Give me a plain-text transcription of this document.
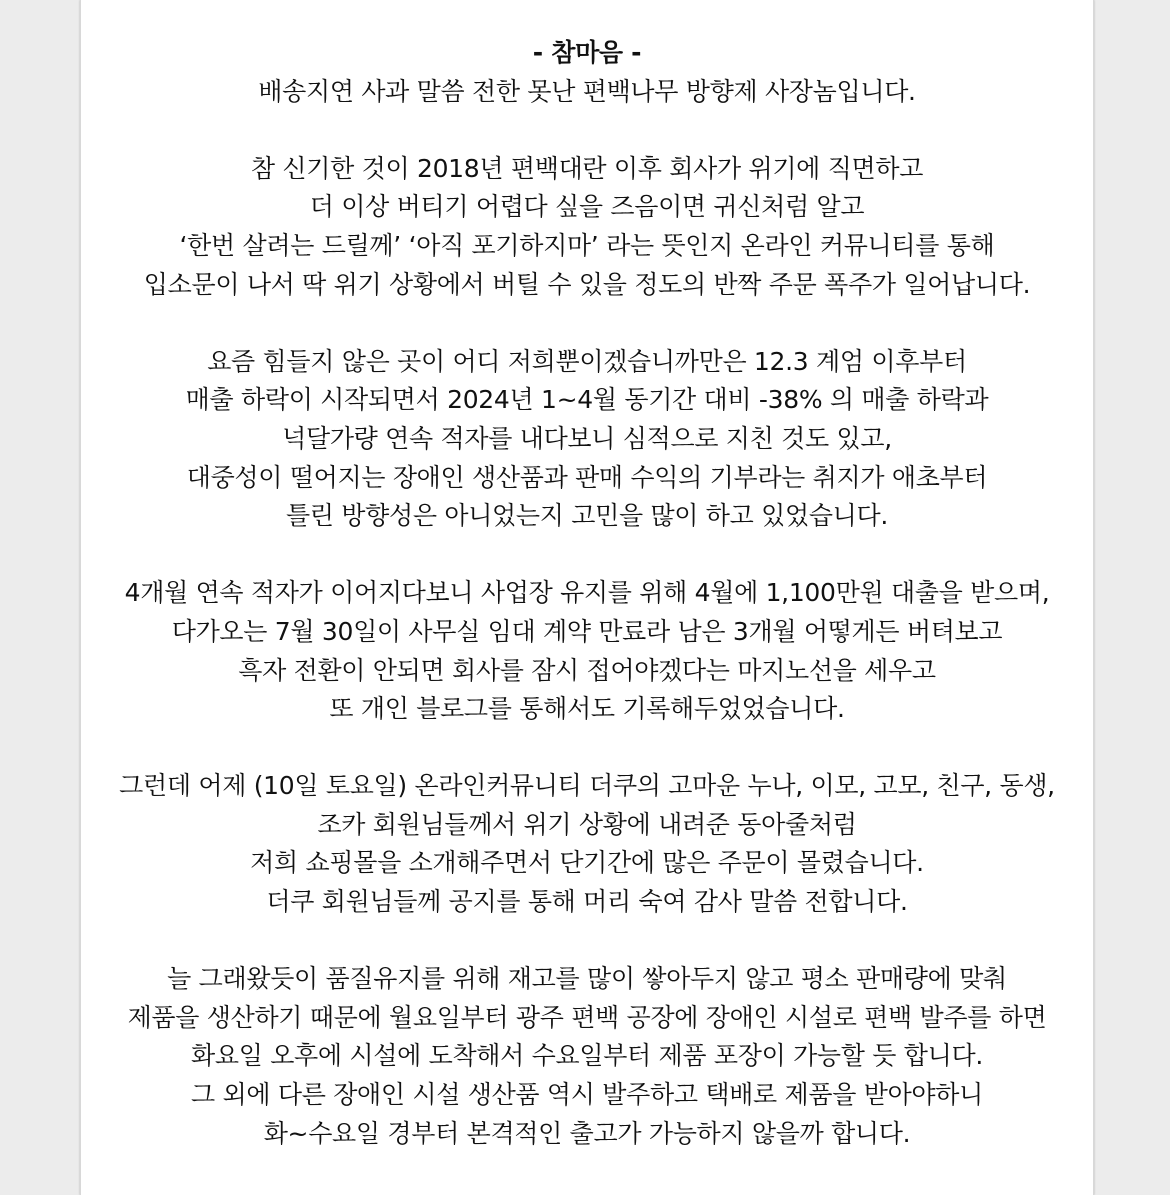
- 참마음 -
배송지연 사과 말씀 전한 못난 편백나무 방향제 사장놈입니다.
참 신기한 것이 2018년 편백대란 이후 회사가 위기에 직면하고
더 이상 버티기 어렵다 싶을 즈음이면 귀신처럼 알고
‘한번 살려는 드릴께’ ‘아직 포기하지마’ 라는 뜻인지 온라인 커뮤니티를 통해
입소문이 나서 딱 위기 상황에서 버틸 수 있을 정도의 반짝 주문 폭주가 일어납니다.
요즘 힘들지 않은 곳이 어디 저희뿐이겠습니까만은 12.3 계엄 이후부터
매출 하락이 시작되면서 2024년 1~4월 동기간 대비 -38% 의 매출 하락과
넉달가량 연속 적자를 내다보니 심적으로 지친 것도 있고,
대중성이 떨어지는 장애인 생산품과 판매 수익의 기부라는 취지가 애초부터
틀린 방향성은 아니었는지 고민을 많이 하고 있었습니다.
4개월 연속 적자가 이어지다보니 사업장 유지를 위해 4월에 1,100만원 대출을 받으며,
다가오는 7월 30일이 사무실 임대 계약 만료라 남은 3개월 어떻게든 버텨보고
흑자 전환이 안되면 회사를 잠시 접어야겠다는 마지노선을 세우고
또 개인 블로그를 통해서도 기록해두었었습니다.
그런데 어제 (10일 토요일) 온라인커뮤니티 더쿠의 고마운 누나, 이모, 고모, 친구, 동생,
조카 회원님들께서 위기 상황에 내려준 동아줄처럼
저희 쇼핑몰을 소개해주면서 단기간에 많은 주문이 몰렸습니다.
더쿠 회원님들께 공지를 통해 머리 숙여 감사 말씀 전합니다.
늘 그래왔듯이 품질유지를 위해 재고를 많이 쌓아두지 않고 평소 판매량에 맞춰
제품을 생산하기 때문에 월요일부터 광주 편백 공장에 장애인 시설로 편백 발주를 하면
화요일 오후에 시설에 도착해서 수요일부터 제품 포장이 가능할 듯 합니다.
그 외에 다른 장애인 시설 생산품 역시 발주하고 택배로 제품을 받아야하니
화~수요일 경부터 본격적인 출고가 가능하지 않을까 합니다.
